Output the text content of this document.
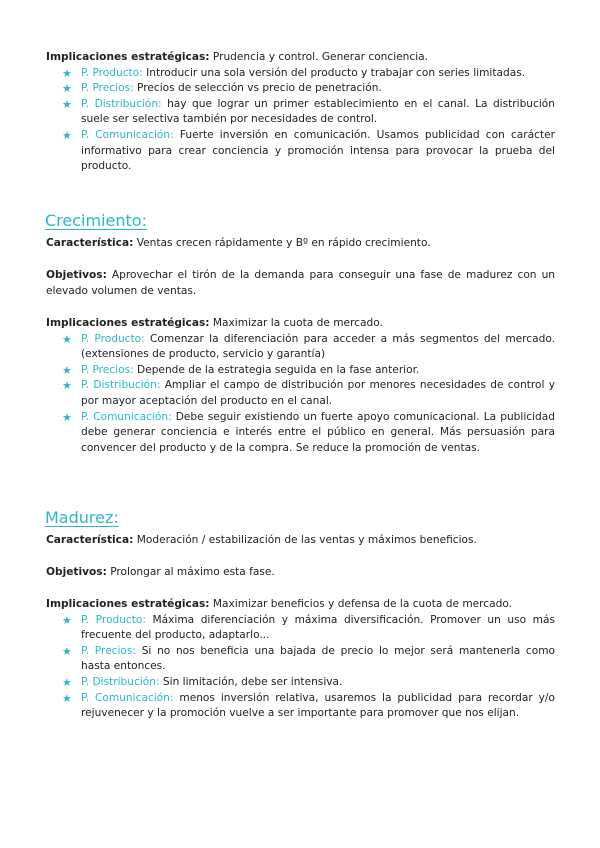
Implicaciones estratégicas: Prudencia y control. Generar conciencia.

★ P. Producto: Introducir una sola versión del producto y trabajar con series limitadas.
★ P. Precios: Precios de selección vs precio de penetración.
★ P. Distribución: hay que lograr un primer establecimiento en el canal. La distribución suele ser selectiva también por necesidades de control.
★ P. Comunicación: Fuerte inversión en comunicación. Usamos publicidad con carácter informativo para crear conciencia y promoción intensa para provocar la prueba del producto.
Crecimiento:

Característica: Ventas crecen rápidamente y Bº en rápido crecimiento.

Objetivos: Aprovechar el tirón de la demanda para conseguir una fase de madurez con un elevado volumen de ventas.

Implicaciones estratégicas: Maximizar la cuota de mercado.

★ P. Producto: Comenzar la diferenciación para acceder a más segmentos del mercado. (extensiones de producto, servicio y garantía)
★ P. Precios: Depende de la estrategia seguida en la fase anterior.
★ P. Distribución: Ampliar el campo de distribución por menores necesidades de control y por mayor aceptación del producto en el canal.
★ P. Comunicación: Debe seguir existiendo un fuerte apoyo comunicacional. La publicidad debe generar conciencia e interés entre el público en general. Más persuasión para convencer del producto y de la compra. Se reduce la promoción de ventas.
Madurez:

Característica: Moderación / estabilización de las ventas y máximos beneficios.

Objetivos: Prolongar al máximo esta fase.

Implicaciones estratégicas: Maximizar beneficios y defensa de la cuota de mercado.

★ P. Producto: Máxima diferenciación y máxima diversificación. Promover un uso más frecuente del producto, adaptarlo...
★ P. Precios: Si no nos beneficia una bajada de precio lo mejor será mantenerla como hasta entonces.
★ P. Distribución: Sin limitación, debe ser intensiva.
★ P. Comunicación: menos inversión relativa, usaremos la publicidad para recordar y/o rejuvenecer y la promoción vuelve a ser importante para promover que nos elijan.
